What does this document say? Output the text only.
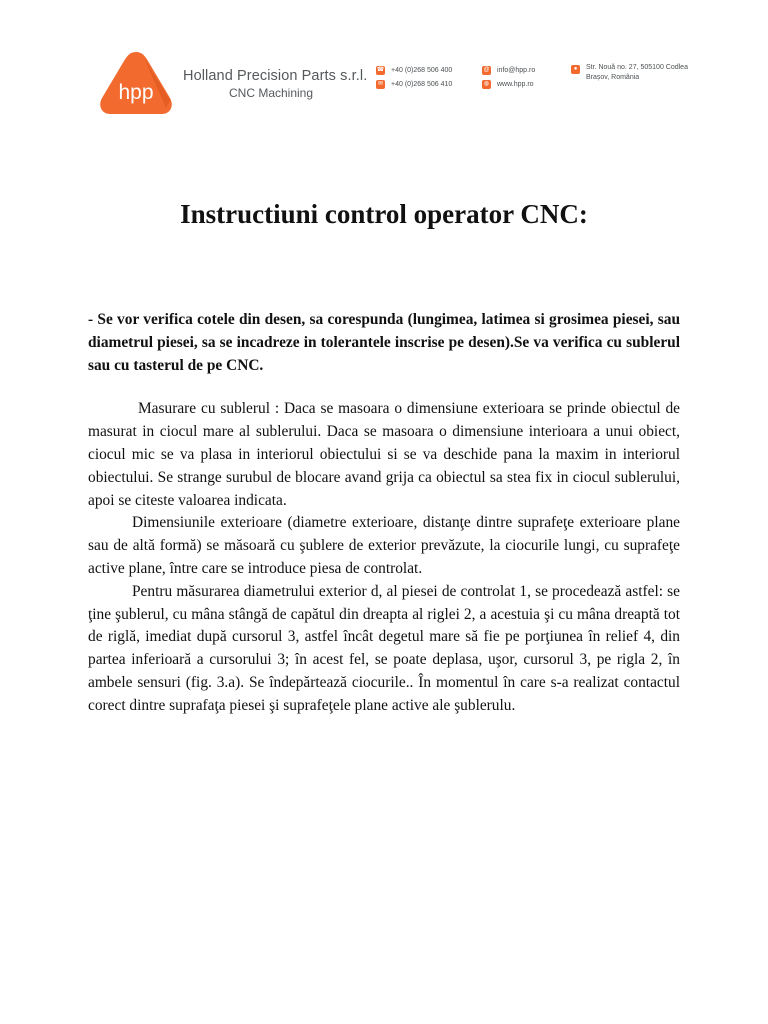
hpp
Holland Precision Parts s.r.l.
CNC Machining
☎ +40 (0)268 506 400
✉ +40 (0)268 506 410
@ info@hpp.ro
◍ www.hpp.ro
●	Str. Nouă no. 27, 505100 Codlea
Brașov, România
Instructiuni control operator CNC:

- Se vor verifica cotele din desen, sa corespunda (lungimea, latimea si grosimea piesei, sau diametrul piesei, sa se incadreze in tolerantele inscrise pe desen).Se va verifica cu sublerul sau cu tasterul de pe CNC.

Masurare cu sublerul : Daca se masoara o dimensiune exterioara se prinde obiectul de masurat in ciocul mare al sublerului. Daca se masoara o dimensiune interioara a unui obiect, ciocul mic se va plasa in interiorul obiectului si se va deschide pana la maxim in interiorul obiectului. Se strange surubul de blocare avand grija ca obiectul sa stea fix in ciocul sublerului, apoi se citeste valoarea indicata.

Dimensiunile exterioare (diametre exterioare, distanţe dintre suprafeţe exterioare plane sau de altă formă) se măsoară cu şublere de exterior prevăzute, la ciocurile lungi, cu suprafeţe active plane, între care se introduce piesa de controlat.

Pentru măsurarea diametrului exterior d, al piesei de controlat 1, se procedează astfel: se ţine şublerul, cu mâna stângă de capătul din dreapta al riglei 2, a acestuia şi cu mâna dreaptă tot de riglă, imediat după cursorul 3, astfel încât degetul mare să fie pe porţiunea în relief 4, din partea inferioară a cursorului 3; în acest fel, se poate deplasa, uşor, cursorul 3, pe rigla 2, în ambele sensuri (fig. 3.a). Se îndepărtează ciocurile.. În momentul în care s-a realizat contactul corect dintre suprafaţa piesei şi suprafeţele plane active ale şublerulu.
